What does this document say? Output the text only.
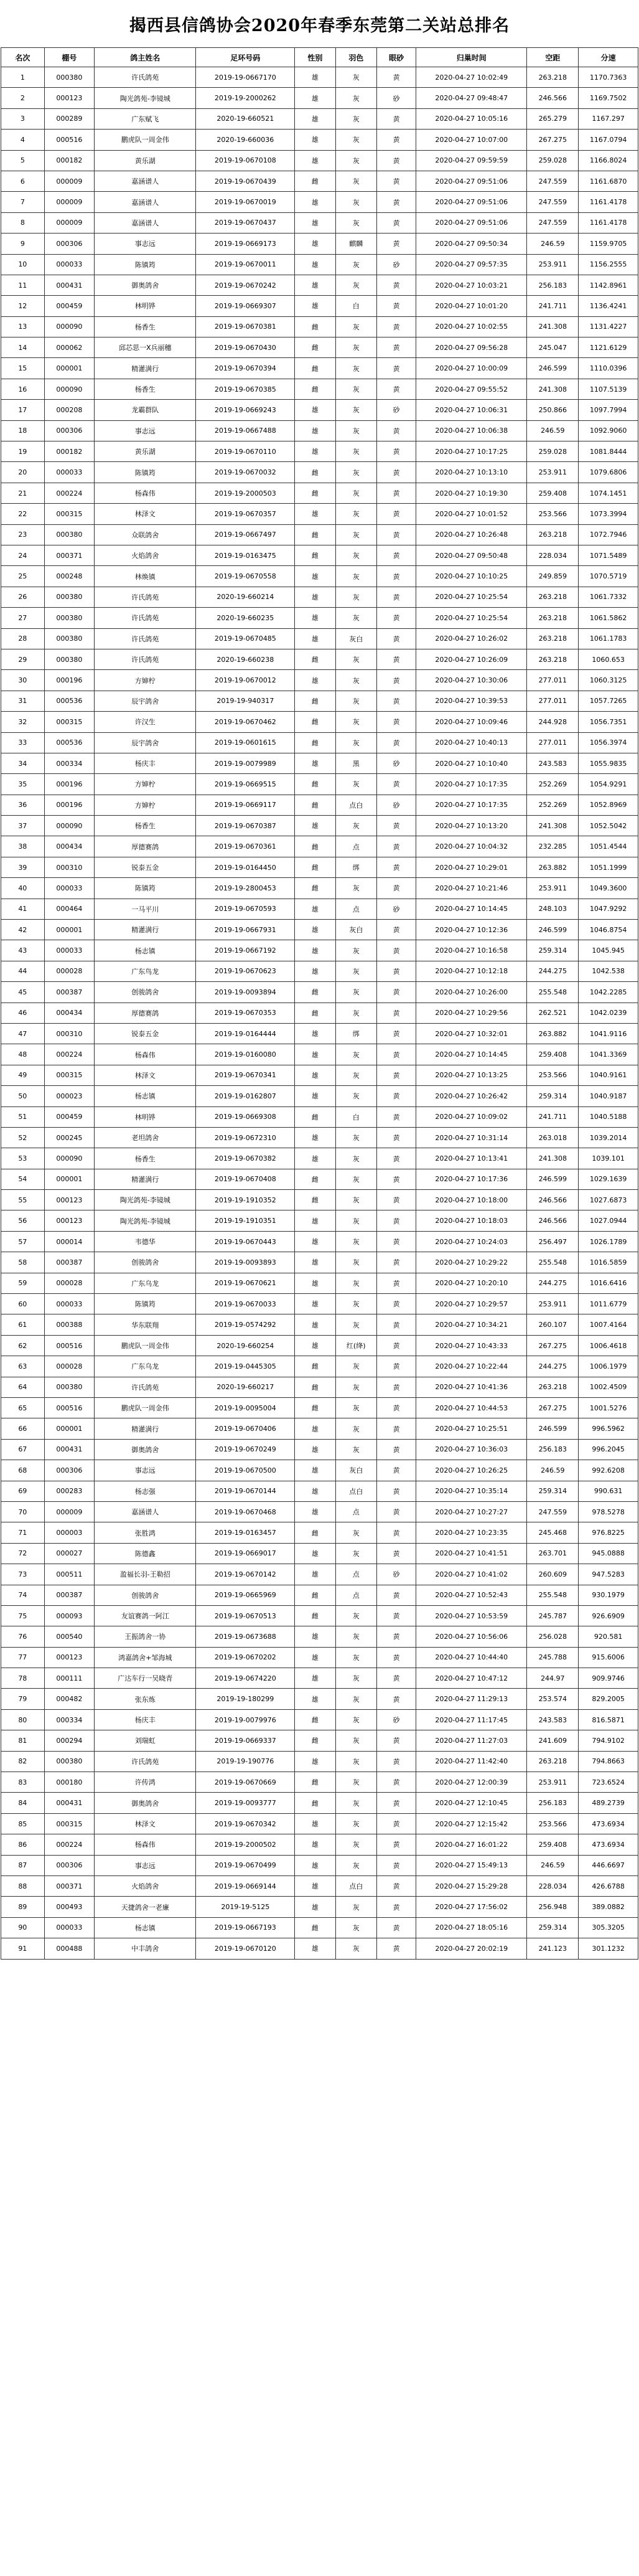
揭西县信鸽协会2020年春季东莞第二关站总排名
名次	棚号	鸽主姓名	足环号码	性别	羽色	眼砂	归巢时间	空距	分速
1	000380	许氏鸽苑	2019-19-0667170	雄	灰	黄	2020-04-27 10:02:49	263.218	1170.7363
2	000123	陶光鸽苑-李镜城	2019-19-2000262	雄	灰	砂	2020-04-27 09:48:47	246.566	1169.7502
3	000289	广东赋飞	2020-19-660521	雄	灰	黄	2020-04-27 10:05:16	265.279	1167.297
4	000516	鹏虎队一周金伟	2020-19-660036	雄	灰	黄	2020-04-27 10:07:00	267.275	1167.0794
5	000182	黄乐湖	2019-19-0670108	雄	灰	黄	2020-04-27 09:59:59	259.028	1166.8024
6	000009	嘉涵谱人	2019-19-0670439	雌	灰	黄	2020-04-27 09:51:06	247.559	1161.6870
7	000009	嘉涵谱人	2019-19-0670019	雄	灰	黄	2020-04-27 09:51:06	247.559	1161.4178
8	000009	嘉涵谱人	2019-19-0670437	雄	灰	黄	2020-04-27 09:51:06	247.559	1161.4178
9	000306	事志远	2019-19-0669173	雄	麒麟	黄	2020-04-27 09:50:34	246.59	1159.9705
10	000033	陈镇筠	2019-19-0670011	雄	灰	砂	2020-04-27 09:57:35	253.911	1156.2555
11	000431	御奥鸽舍	2019-19-0670242	雄	灰	黄	2020-04-27 10:03:21	256.183	1142.8961
12	000459	林明铧	2019-19-0669307	雄	白	黄	2020-04-27 10:01:20	241.711	1136.4241
13	000090	杨香生	2019-19-0670381	雌	灰	黄	2020-04-27 10:02:55	241.308	1131.4227
14	000062	邱芯思一X兵丽穗	2019-19-0670430	雌	灰	黄	2020-04-27 09:56:28	245.047	1121.6129
15	000001	精灌满行	2019-19-0670394	雌	灰	黄	2020-04-27 10:00:09	246.599	1110.0396
16	000090	杨香生	2019-19-0670385	雌	灰	黄	2020-04-27 09:55:52	241.308	1107.5139
17	000208	龙霸群队	2019-19-0669243	雄	灰	砂	2020-04-27 10:06:31	250.866	1097.7994
18	000306	事志远	2019-19-0667488	雄	灰	黄	2020-04-27 10:06:38	246.59	1092.9060
19	000182	黄乐湖	2019-19-0670110	雄	灰	黄	2020-04-27 10:17:25	259.028	1081.8444
20	000033	陈镇筠	2019-19-0670032	雌	灰	黄	2020-04-27 10:13:10	253.911	1079.6806
21	000224	杨森伟	2019-19-2000503	雌	灰	黄	2020-04-27 10:19:30	259.408	1074.1451
22	000315	林泽文	2019-19-0670357	雄	灰	黄	2020-04-27 10:01:52	253.566	1073.3994
23	000380	众联鸽舍	2019-19-0667497	雌	灰	黄	2020-04-27 10:26:48	263.218	1072.7946
24	000371	火焰鸽舍	2019-19-0163475	雌	灰	黄	2020-04-27 09:50:48	228.034	1071.5489
25	000248	林焕镇	2019-19-0670558	雄	灰	黄	2020-04-27 10:10:25	249.859	1070.5719
26	000380	许氏鸽苑	2020-19-660214	雄	灰	黄	2020-04-27 10:25:54	263.218	1061.7332
27	000380	许氏鸽苑	2020-19-660235	雄	灰	黄	2020-04-27 10:25:54	263.218	1061.5862
28	000380	许氏鸽苑	2019-19-0670485	雄	灰白	黄	2020-04-27 10:26:02	263.218	1061.1783
29	000380	许氏鸽苑	2020-19-660238	雌	灰	黄	2020-04-27 10:26:09	263.218	1060.653
30	000196	方婶柠	2019-19-0670012	雄	灰	黄	2020-04-27 10:30:06	277.011	1060.3125
31	000536	辰宇鸽舍	2019-19-940317	雌	灰	黄	2020-04-27 10:39:53	277.011	1057.7265
32	000315	许汉生	2019-19-0670462	雌	灰	黄	2020-04-27 10:09:46	244.928	1056.7351
33	000536	辰宇鸽舍	2019-19-0601615	雌	灰	黄	2020-04-27 10:40:13	277.011	1056.3974
34	000334	杨庆丰	2019-19-0079989	雄	黑	砂	2020-04-27 10:10:40	243.583	1055.9835
35	000196	方婶柠	2019-19-0669515	雌	灰	黄	2020-04-27 10:17:35	252.269	1054.9291
36	000196	方婶柠	2019-19-0669117	雌	点白	砂	2020-04-27 10:17:35	252.269	1052.8969
37	000090	杨香生	2019-19-0670387	雄	灰	黄	2020-04-27 10:13:20	241.308	1052.5042
38	000434	厚德赛鸽	2019-19-0670361	雌	点	黄	2020-04-27 10:04:32	232.285	1051.4544
39	000310	锐泰五金	2019-19-0164450	雌	绑	黄	2020-04-27 10:29:01	263.882	1051.1999
40	000033	陈镇筠	2019-19-2800453	雌	灰	黄	2020-04-27 10:21:46	253.911	1049.3600
41	000464	一马平川	2019-19-0670593	雄	点	砂	2020-04-27 10:14:45	248.103	1047.9292
42	000001	精灌满行	2019-19-0667931	雄	灰白	黄	2020-04-27 10:12:36	246.599	1046.8754
43	000033	杨志镇	2019-19-0667192	雄	灰	黄	2020-04-27 10:16:58	259.314	1045.945
44	000028	广东鸟龙	2019-19-0670623	雄	灰	黄	2020-04-27 10:12:18	244.275	1042.538
45	000387	创骏鸽舍	2019-19-0093894	雌	灰	黄	2020-04-27 10:26:00	255.548	1042.2285
46	000434	厚德赛鸽	2019-19-0670353	雌	灰	黄	2020-04-27 10:29:56	262.521	1042.0239
47	000310	锐泰五金	2019-19-0164444	雄	绑	黄	2020-04-27 10:32:01	263.882	1041.9116
48	000224	杨森伟	2019-19-0160080	雄	灰	黄	2020-04-27 10:14:45	259.408	1041.3369
49	000315	林泽文	2019-19-0670341	雄	灰	黄	2020-04-27 10:13:25	253.566	1040.9161
50	000023	杨志镇	2019-19-0162807	雄	灰	黄	2020-04-27 10:26:42	259.314	1040.9187
51	000459	林明铧	2019-19-0669308	雌	白	黄	2020-04-27 10:09:02	241.711	1040.5188
52	000245	老坦鸽舍	2019-19-0672310	雄	灰	黄	2020-04-27 10:31:14	263.018	1039.2014
53	000090	杨香生	2019-19-0670382	雄	灰	黄	2020-04-27 10:13:41	241.308	1039.101
54	000001	精灌满行	2019-19-0670408	雌	灰	黄	2020-04-27 10:17:36	246.599	1029.1639
55	000123	陶光鸽苑-李镜城	2019-19-1910352	雌	灰	黄	2020-04-27 10:18:00	246.566	1027.6873
56	000123	陶光鸽苑-李镜城	2019-19-1910351	雄	灰	黄	2020-04-27 10:18:03	246.566	1027.0944
57	000014	韦德华	2019-19-0670443	雄	灰	黄	2020-04-27 10:24:03	256.497	1026.1789
58	000387	创骏鸽舍	2019-19-0093893	雄	灰	黄	2020-04-27 10:29:22	255.548	1016.5859
59	000028	广东乌龙	2019-19-0670621	雄	灰	黄	2020-04-27 10:20:10	244.275	1016.6416
60	000033	陈镇筠	2019-19-0670033	雄	灰	黄	2020-04-27 10:29:57	253.911	1011.6779
61	000388	华东联翔	2019-19-0574292	雄	灰	黄	2020-04-27 10:34:21	260.107	1007.4164
62	000516	鹏虎队一周金伟	2020-19-660254	雄	红(绛)	黄	2020-04-27 10:43:33	267.275	1006.4618
63	000028	广东乌龙	2019-19-0445305	雌	灰	黄	2020-04-27 10:22:44	244.275	1006.1979
64	000380	许氏鸽苑	2020-19-660217	雌	灰	黄	2020-04-27 10:41:36	263.218	1002.4509
65	000516	鹏虎队一周金伟	2019-19-0095004	雌	灰	黄	2020-04-27 10:44:53	267.275	1001.5276
66	000001	精灌满行	2019-19-0670406	雄	灰	黄	2020-04-27 10:25:51	246.599	996.5962
67	000431	御奥鸽舍	2019-19-0670249	雄	灰	黄	2020-04-27 10:36:03	256.183	996.2045
68	000306	事志远	2019-19-0670500	雄	灰白	黄	2020-04-27 10:26:25	246.59	992.6208
69	000283	杨志强	2019-19-0670144	雄	点白	黄	2020-04-27 10:35:14	259.314	990.631
70	000009	嘉涵谱人	2019-19-0670468	雄	点	黄	2020-04-27 10:27:27	247.559	978.5278
71	000003	张胜鸿	2019-19-0163457	雌	灰	黄	2020-04-27 10:23:35	245.468	976.8225
72	000027	陈德鑫	2019-19-0669017	雄	灰	黄	2020-04-27 10:41:51	263.701	945.0888
73	000511	盈福长羽-王勒招	2019-19-0670142	雄	点	砂	2020-04-27 10:41:02	260.609	947.5283
74	000387	创骏鸽舍	2019-19-0665969	雌	点	黄	2020-04-27 10:52:43	255.548	930.1979
75	000093	友谊赛鸽一阿江	2019-19-0670513	雌	灰	黄	2020-04-27 10:53:59	245.787	926.6909
76	000540	王振鸽舍一协	2019-19-0673688	雄	灰	黄	2020-04-27 10:56:06	256.028	920.581
77	000123	鸿嘉鸽舍+邹海城	2019-19-0670202	雄	灰	黄	2020-04-27 10:44:40	245.788	915.6006
78	000111	广达车行一吴晓青	2019-19-0674220	雄	灰	黄	2020-04-27 10:47:12	244.97	909.9746
79	000482	张东炼	2019-19-180299	雄	灰	黄	2020-04-27 11:29:13	253.574	829.2005
80	000334	杨庆丰	2019-19-0079976	雌	灰	砂	2020-04-27 11:17:45	243.583	816.5871
81	000294	刘瑞虹	2019-19-0669337	雌	灰	黄	2020-04-27 11:27:03	241.609	794.9102
82	000380	许氏鸽苑	2019-19-190776	雄	灰	黄	2020-04-27 11:42:40	263.218	794.8663
83	000180	许传鸿	2019-19-0670669	雌	灰	黄	2020-04-27 12:00:39	253.911	723.6524
84	000431	御奥鸽舍	2019-19-0093777	雌	灰	黄	2020-04-27 12:10:45	256.183	489.2739
85	000315	林泽文	2019-19-0670342	雄	灰	黄	2020-04-27 12:15:42	253.566	473.6934
86	000224	杨森伟	2019-19-2000502	雄	灰	黄	2020-04-27 16:01:22	259.408	473.6934
87	000306	事志远	2019-19-0670499	雄	灰	黄	2020-04-27 15:49:13	246.59	446.6697
88	000371	火焰鸽舍	2019-19-0669144	雄	点白	黄	2020-04-27 15:29:28	228.034	426.6788
89	000493	天捷鸽舍一老廉	2019-19-5125	雄	灰	黄	2020-04-27 17:56:02	256.948	389.0882
90	000033	杨志镇	2019-19-0667193	雌	灰	黄	2020-04-27 18:05:16	259.314	305.3205
91	000488	中丰鸽舍	2019-19-0670120	雄	灰	黄	2020-04-27 20:02:19	241.123	301.1232
